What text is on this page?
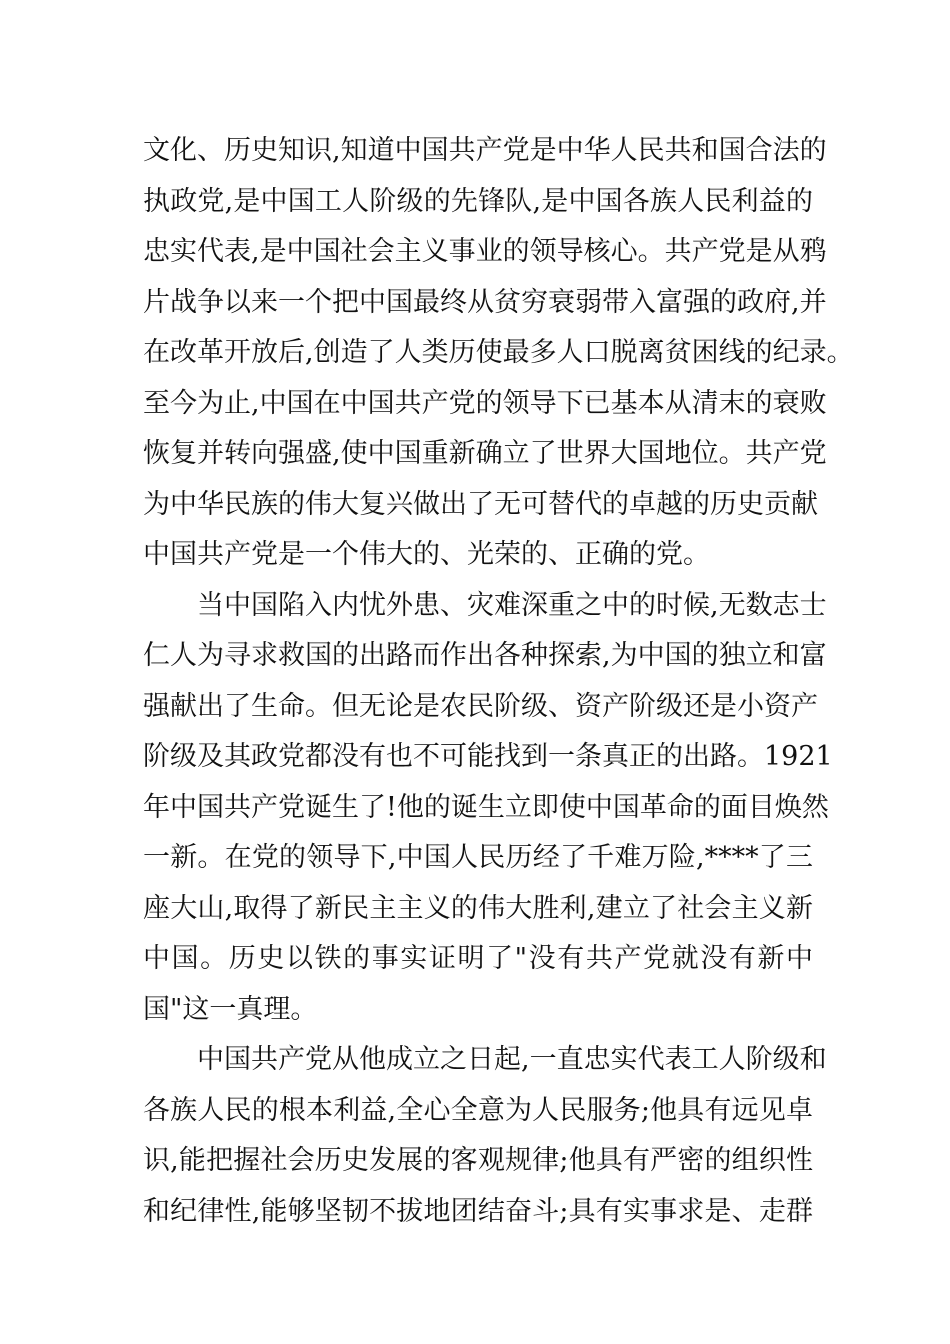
文化、历史知识,知道中国共产党是中华人民共和国合法的
执政党,是中国工人阶级的先锋队,是中国各族人民利益的
忠实代表,是中国社会主义事业的领导核心。共产党是从鸦
片战争以来一个把中国最终从贫穷衰弱带入富强的政府,并
在改革开放后,创造了人类历使最多人口脱离贫困线的纪录。
至今为止,中国在中国共产党的领导下已基本从清末的衰败
恢复并转向强盛,使中国重新确立了世界大国地位。共产党
为中华民族的伟大复兴做出了无可替代的卓越的历史贡献
中国共产党是一个伟大的、光荣的、正确的党。
当中国陷入内忧外患、灾难深重之中的时候,无数志士
仁人为寻求救国的出路而作出各种探索,为中国的独立和富
强献出了生命。但无论是农民阶级、资产阶级还是小资产
阶级及其政党都没有也不可能找到一条真正的出路。1921
年中国共产党诞生了!他的诞生立即使中国革命的面目焕然
一新。在党的领导下,中国人民历经了千难万险,****了三
座大山,取得了新民主主义的伟大胜利,建立了社会主义新
中国。历史以铁的事实证明了"没有共产党就没有新中
国"这一真理。
中国共产党从他成立之日起,一直忠实代表工人阶级和
各族人民的根本利益,全心全意为人民服务;他具有远见卓
识,能把握社会历史发展的客观规律;他具有严密的组织性
和纪律性,能够坚韧不拔地团结奋斗;具有实事求是、走群
